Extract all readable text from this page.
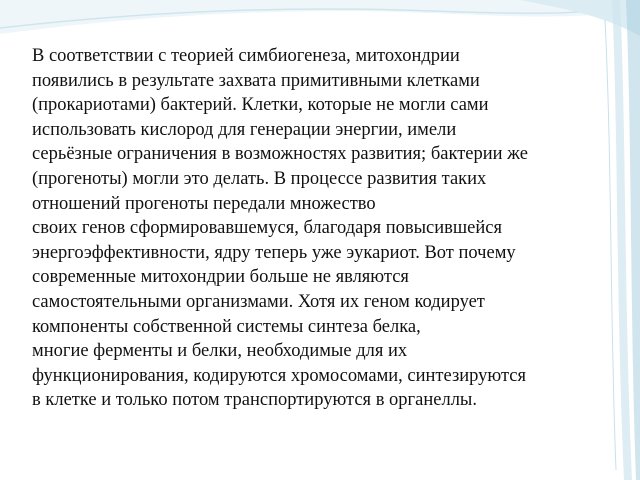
В соответствии с теорией симбиогенеза, митохондрии

появились в результате захвата примитивными клетками

(прокариотами) бактерий. Клетки, которые не могли сами

использовать кислород для генерации энергии, имели

серьёзные ограничения в возможностях развития; бактерии же

(прогеноты) могли это делать. В процессе развития таких

отношений прогеноты передали множество

своих генов сформировавшемуся, благодаря повысившейся

энергоэффективности, ядру теперь уже эукариот. Вот почему

современные митохондрии больше не являются

самостоятельными организмами. Хотя их геном кодирует

компоненты собственной системы синтеза белка,

многие ферменты и белки, необходимые для их

функционирования, кодируются хромосомами, синтезируются

в клетке и только потом транспортируются в органеллы.
